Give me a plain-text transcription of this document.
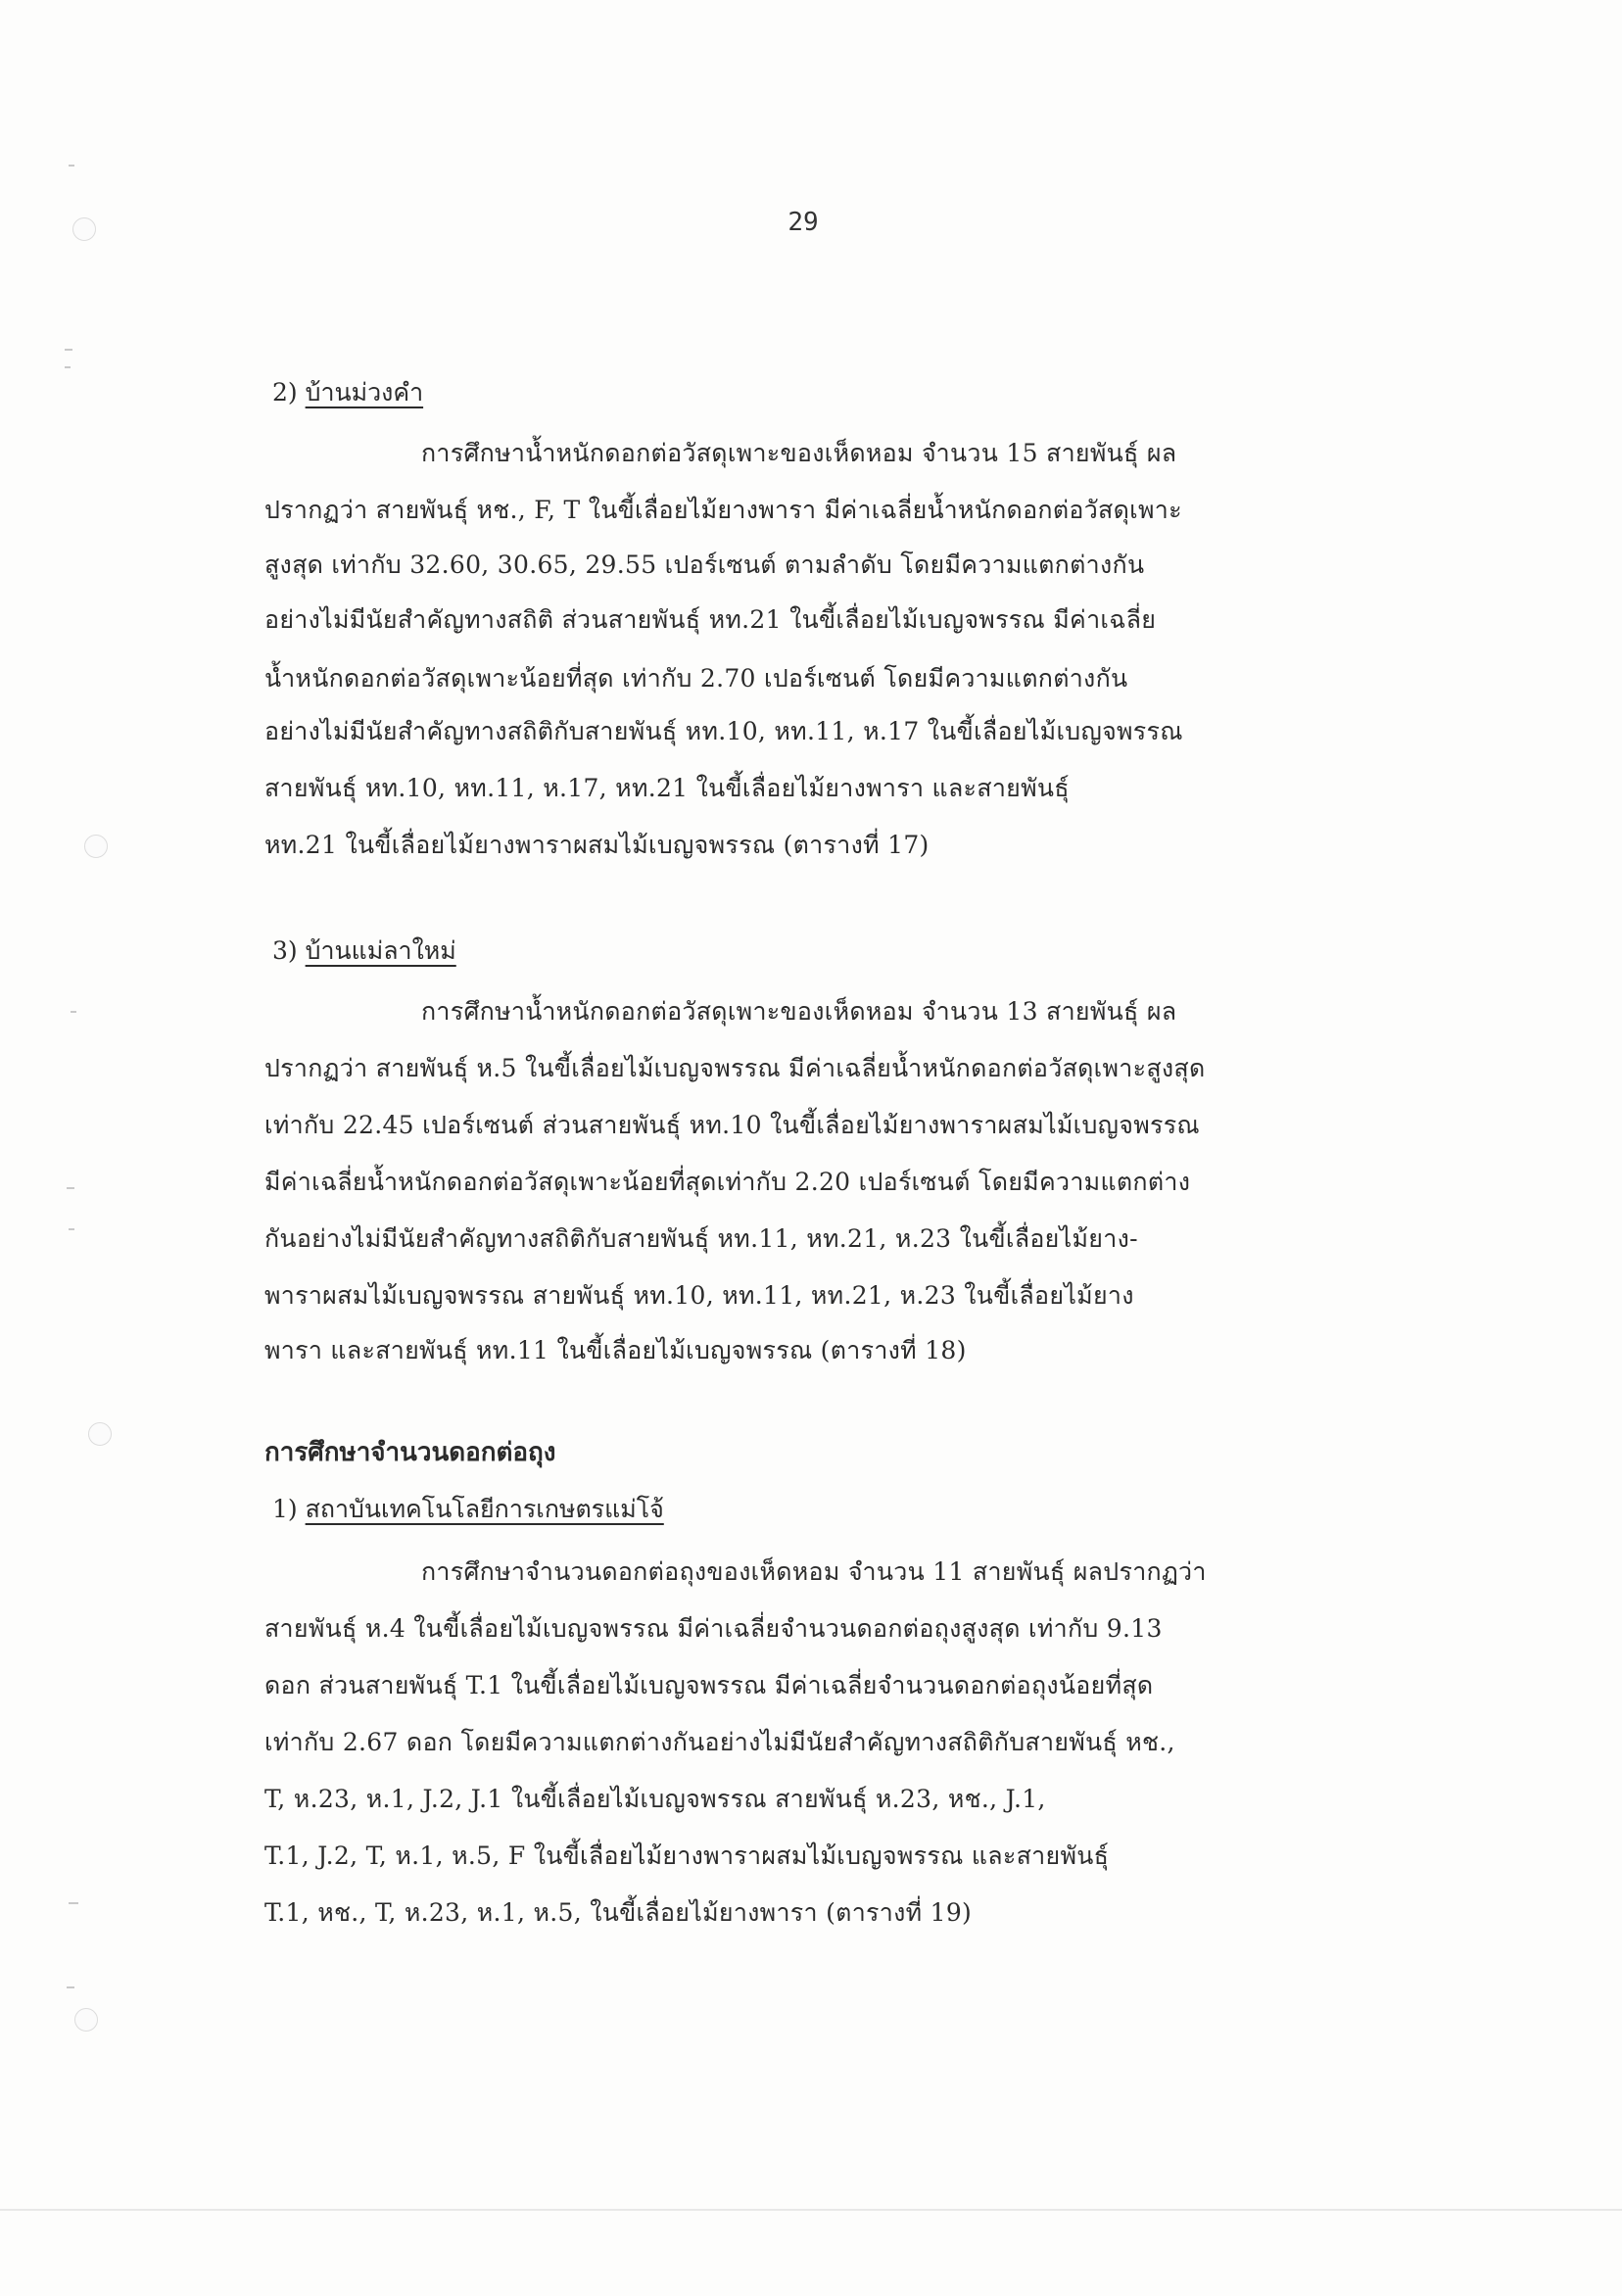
29
2) บ้านม่วงคำ
การศึกษาน้ำหนักดอกต่อวัสดุเพาะของเห็ดหอม จำนวน 15 สายพันธุ์ ผล
ปรากฏว่า สายพันธุ์ หช., F, T ในขี้เลื่อยไม้ยางพารา มีค่าเฉลี่ยน้ำหนักดอกต่อวัสดุเพาะ
สูงสุด เท่ากับ 32.60, 30.65, 29.55 เปอร์เซนต์ ตามลำดับ โดยมีความแตกต่างกัน
อย่างไม่มีนัยสำคัญทางสถิติ ส่วนสายพันธุ์ หท.21 ในขี้เลื่อยไม้เบญจพรรณ มีค่าเฉลี่ย
น้ำหนักดอกต่อวัสดุเพาะน้อยที่สุด เท่ากับ 2.70 เปอร์เซนต์ โดยมีความแตกต่างกัน
อย่างไม่มีนัยสำคัญทางสถิติกับสายพันธุ์ หท.10, หท.11, ห.17 ในขี้เลื่อยไม้เบญจพรรณ
สายพันธุ์ หท.10, หท.11, ห.17, หท.21 ในขี้เลื่อยไม้ยางพารา และสายพันธุ์
หท.21 ในขี้เลื่อยไม้ยางพาราผสมไม้เบญจพรรณ (ตารางที่ 17)
3) บ้านแม่ลาใหม่
การศึกษาน้ำหนักดอกต่อวัสดุเพาะของเห็ดหอม จำนวน 13 สายพันธุ์ ผล
ปรากฏว่า สายพันธุ์ ห.5 ในขี้เลื่อยไม้เบญจพรรณ มีค่าเฉลี่ยน้ำหนักดอกต่อวัสดุเพาะสูงสุด
เท่ากับ 22.45 เปอร์เซนต์ ส่วนสายพันธุ์ หท.10 ในขี้เลื่อยไม้ยางพาราผสมไม้เบญจพรรณ
มีค่าเฉลี่ยน้ำหนักดอกต่อวัสดุเพาะน้อยที่สุดเท่ากับ 2.20 เปอร์เซนต์ โดยมีความแตกต่าง
กันอย่างไม่มีนัยสำคัญทางสถิติกับสายพันธุ์ หท.11, หท.21, ห.23 ในขี้เลื่อยไม้ยาง-
พาราผสมไม้เบญจพรรณ สายพันธุ์ หท.10, หท.11, หท.21, ห.23 ในขี้เลื่อยไม้ยาง
พารา และสายพันธุ์ หท.11 ในขี้เลื่อยไม้เบญจพรรณ (ตารางที่ 18)
การศึกษาจำนวนดอกต่อถุง
1) สถาบันเทคโนโลยีการเกษตรแม่โจ้
การศึกษาจำนวนดอกต่อถุงของเห็ดหอม จำนวน 11 สายพันธุ์ ผลปรากฏว่า
สายพันธุ์ ห.4 ในขี้เลื่อยไม้เบญจพรรณ มีค่าเฉลี่ยจำนวนดอกต่อถุงสูงสุด เท่ากับ 9.13
ดอก ส่วนสายพันธุ์ T.1 ในขี้เลื่อยไม้เบญจพรรณ มีค่าเฉลี่ยจำนวนดอกต่อถุงน้อยที่สุด
เท่ากับ 2.67 ดอก โดยมีความแตกต่างกันอย่างไม่มีนัยสำคัญทางสถิติกับสายพันธุ์ หช.,
T, ห.23, ห.1, J.2, J.1 ในขี้เลื่อยไม้เบญจพรรณ สายพันธุ์ ห.23, หช., J.1,
T.1, J.2, T, ห.1, ห.5, F ในขี้เลื่อยไม้ยางพาราผสมไม้เบญจพรรณ และสายพันธุ์
T.1, หช., T, ห.23, ห.1, ห.5, ในขี้เลื่อยไม้ยางพารา (ตารางที่ 19)
